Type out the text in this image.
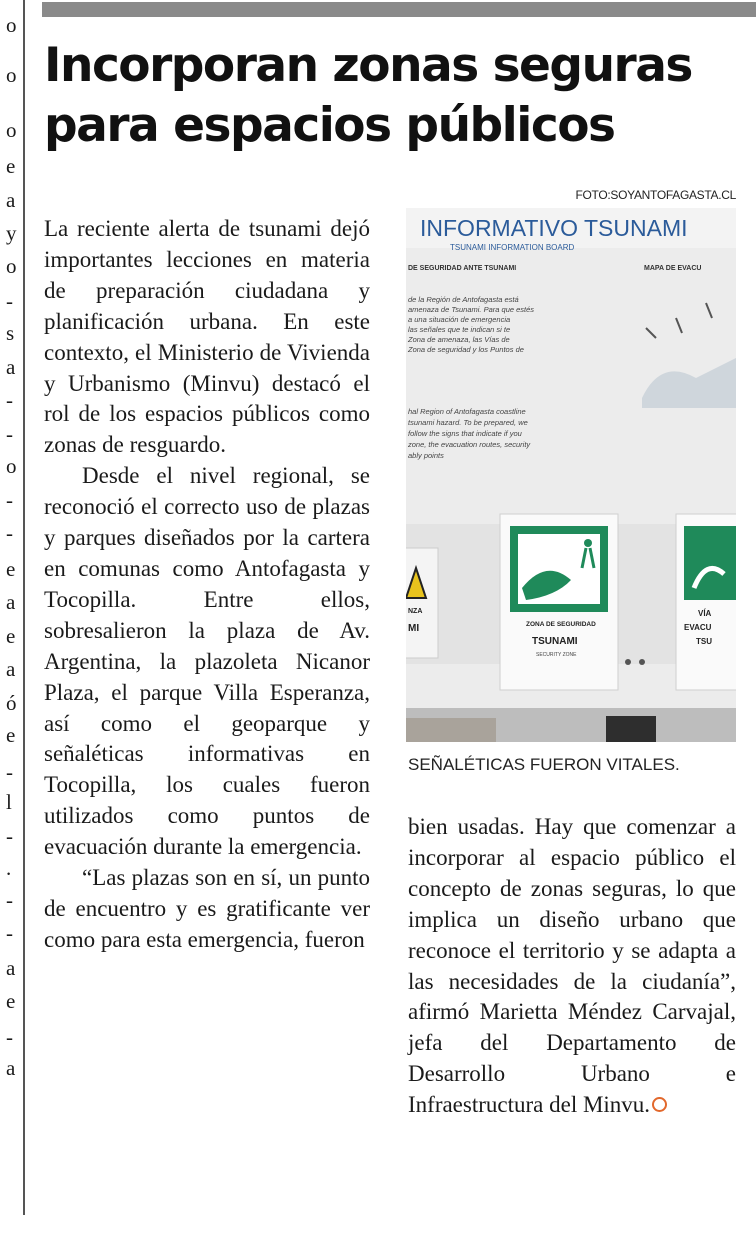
o
o
o
e
a
y
o
-
s
a
-
-
o
-
-
e
a
e
a
ó
e
-
l
-
.
-
-
a
e
-
a
Incorporan zonas seguras para espacios públicos
FOTO:SOYANTOFAGASTA.CL
INFORMATIVO TSUNAMI
TSUNAMI INFORMATION BOARD
DE SEGURIDAD ANTE TSUNAMI	MAPA DE EVACU
de la Región de Antofagasta está
amenaza de Tsunami. Para que estés
a una situación de emergencia
las señales que te indican si te
Zona de amenaza, las Vías de
Zona de seguridad y los Puntos de
hal Region of Antofagasta coastline
tsunami hazard. To be prepared, we
follow the signs that indicate if you
zone, the evacuation routes, security
ably points
NZA
MI	ZONA DE SEGURIDAD
TSUNAMI
SECURITY ZONE
VÍA
EVACU
TSU
SEÑALÉTICAS FUERON VITALES.

La reciente alerta de tsunami dejó importantes lecciones en materia de preparación ciudadana y planificación urbana. En este contexto, el Ministerio de Vivienda y Urbanismo (Minvu) destacó el rol de los espacios públicos como zonas de resguardo.

Desde el nivel regional, se reconoció el correcto uso de plazas y parques diseñados por la cartera en comunas como Antofagasta y Tocopilla. Entre ellos, sobresalieron la plaza de Av. Argentina, la plazoleta Nicanor Plaza, el parque Villa Esperanza, así como el geoparque y señaléticas informativas en Tocopilla, los cuales fueron utilizados como puntos de evacuación durante la emergencia.

“Las plazas son en sí, un punto de encuentro y es gratificante ver como para esta emergencia, fueron

bien usadas. Hay que comenzar a incorporar al espacio público el concepto de zonas seguras, lo que implica un diseño urbano que reconoce el territorio y se adapta a las necesidades de la ciudanía”, afirmó Marietta Méndez Carvajal, jefa del Departamento de Desarrollo Urbano e Infraestructura del Minvu.
